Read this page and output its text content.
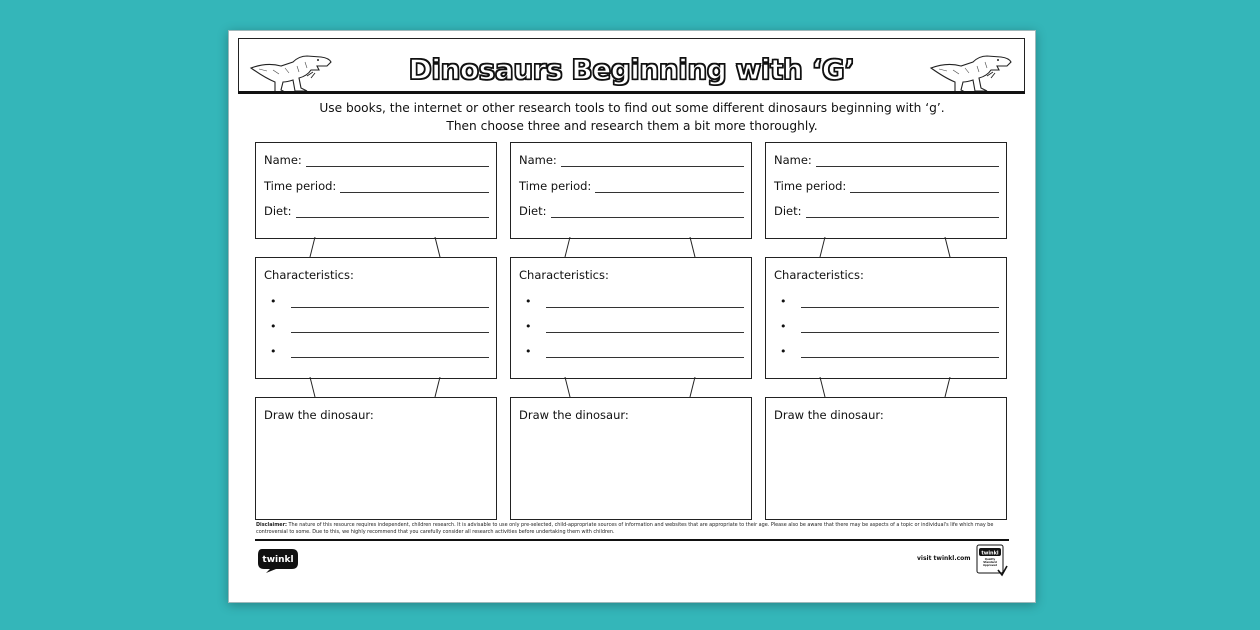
Dinosaurs Beginning with ‘G’
Use books, the internet or other research tools to find out some different dinosaurs beginning with ‘g’.
Then choose three and research them a bit more thoroughly.
Name:
Time period:
Diet:
Characteristics:
•
•
•
Draw the dinosaur:
Name:
Time period:
Diet:
Characteristics:
•
•
•
Draw the dinosaur:
Name:
Time period:
Diet:
Characteristics:
•
•
•
Draw the dinosaur:
Disclaimer: The nature of this resource requires independent, children research. It is advisable to use only pre-selected, child-appropriate sources of information and websites that are appropriate to their age. Please also be aware that there may be aspects of a topic or individual's life which may be controversial to some. Due to this, we highly recommend that you carefully consider all research activities before undertaking them with children.
twinkl	visit twinkl.com
twinkl
Quality Standard Approved
